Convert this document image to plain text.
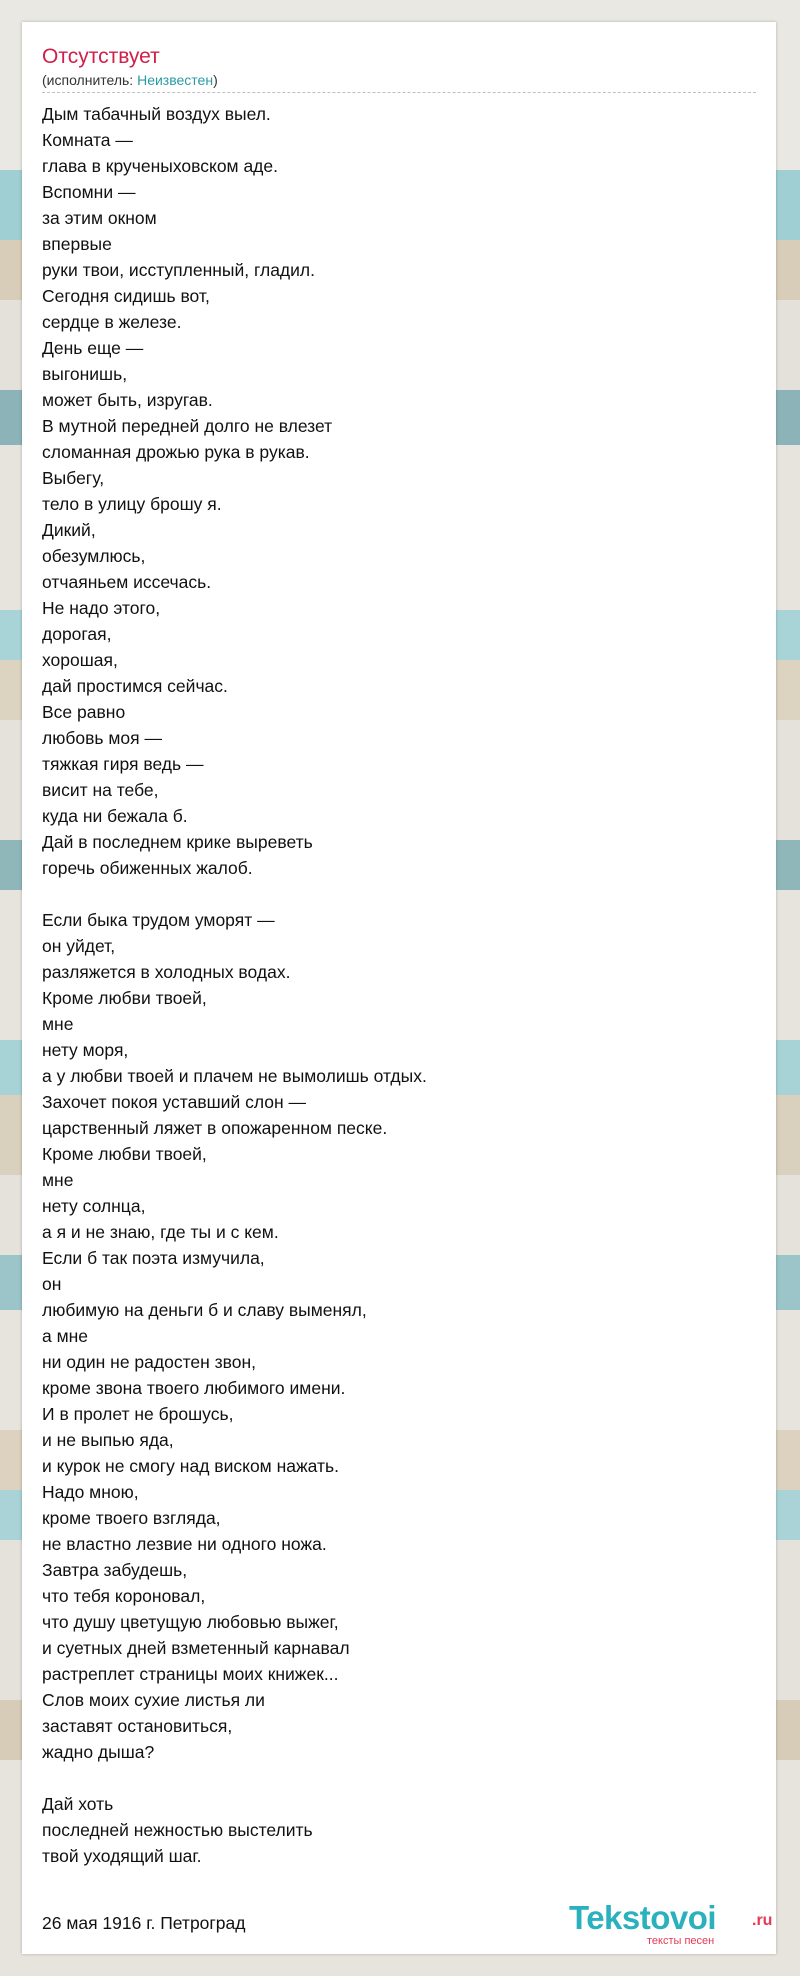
Отсутствует
(исполнитель: Неизвестен)
Дым табачный воздух выел.
Комната —
глава в крученыховском аде.
Вспомни —
за этим окном
впервые
руки твои, исступленный, гладил.
Сегодня сидишь вот,
сердце в железе.
День еще —
выгонишь,
может быть, изругав.
В мутной передней долго не влезет
сломанная дрожью рука в рукав.
Выбегу,
тело в улицу брошу я.
Дикий,
обезумлюсь,
отчаяньем иссечась.
Не надо этого,
дорогая,
хорошая,
дай простимся сейчас.
Все равно
любовь моя —
тяжкая гиря ведь —
висит на тебе,
куда ни бежала б.
Дай в последнем крике выреветь
горечь обиженных жалоб.
Если быка трудом уморят —
он уйдет,
разляжется в холодных водах.
Кроме любви твоей,
мне
нету моря,
а у любви твоей и плачем не вымолишь отдых.
Захочет покоя уставший слон —
царственный ляжет в опожаренном песке.
Кроме любви твоей,
мне
нету солнца,
а я и не знаю, где ты и с кем.
Если б так поэта измучила,
он
любимую на деньги б и славу выменял,
а мне
ни один не радостен звон,
кроме звона твоего любимого имени.
И в пролет не брошусь,
и не выпью яда,
и курок не смогу над виском нажать.
Надо мною,
кроме твоего взгляда,
не властно лезвие ни одного ножа.
Завтра забудешь,
что тебя короновал,
что душу цветущую любовью выжег,
и суетных дней взметенный карнавал
растреплет страницы моих книжек...
Слов моих сухие листья ли
заставят остановиться,
жадно дыша?
Дай хоть
последней нежностью выстелить
твой уходящий шаг.
26 мая 1916 г. Петроград	Tekstovoi .ru
тексты песен
